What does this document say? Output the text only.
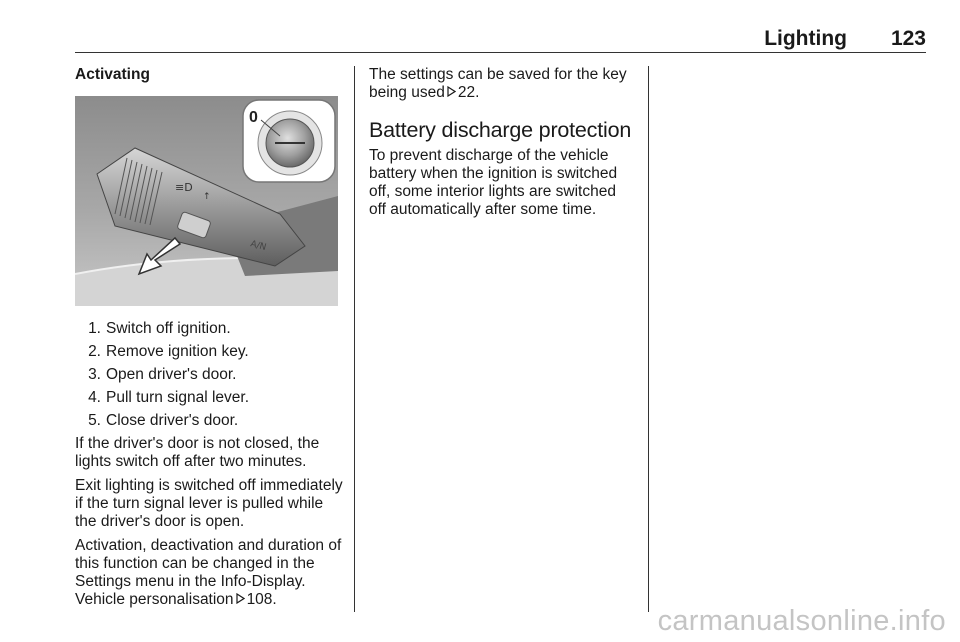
Lighting 123
Activating
≡D
↑
A/N
0
1. Switch off ignition.
2. Remove ignition key.
3. Open driver's door.
4. Pull turn signal lever.
5. Close driver's door.

If the driver's door is not closed, the lights switch off after two minutes.

Exit lighting is switched off immediately if the turn signal lever is pulled while the driver's door is open.

Activation, deactivation and duration of this function can be changed in the Settings menu in the Info-Display. Vehicle personalisation 108.

The settings can be saved for the key being used 22.

Battery discharge protection

To prevent discharge of the vehicle battery when the ignition is switched off, some interior lights are switched off automatically after some time.

carmanualsonline.info
